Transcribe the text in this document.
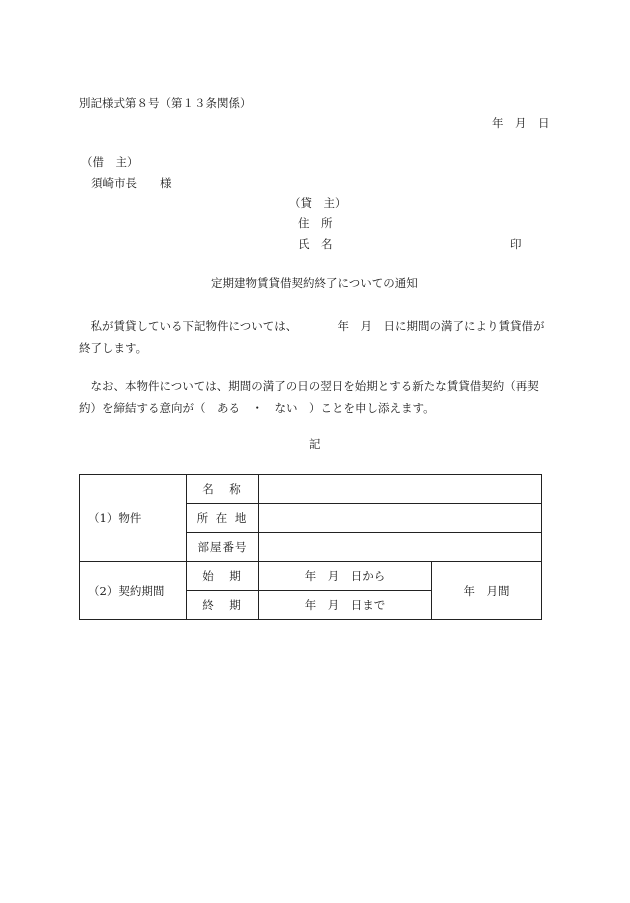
別記様式第８号（第１３条関係）
年　月　日
（借　主）
須崎市長　　様
（貸　主）
住　所
氏　名	印
定期建物賃貸借契約終了についての通知
　私が賃貸している下記物件については、　　　　年　月　日に期間の満了により賃貸借が終了します。
　なお、本物件については、期間の満了の日の翌日を始期とする新たな賃貸借契約（再契約）を締結する意向が（　ある　・　ない　）ことを申し添えます。
記
（1）物件	名　称		
	所 在 地		
	部屋番号		
（2）契約期間	始　期	年　月　日から	年　月間
	終　期	年　月　日まで	
